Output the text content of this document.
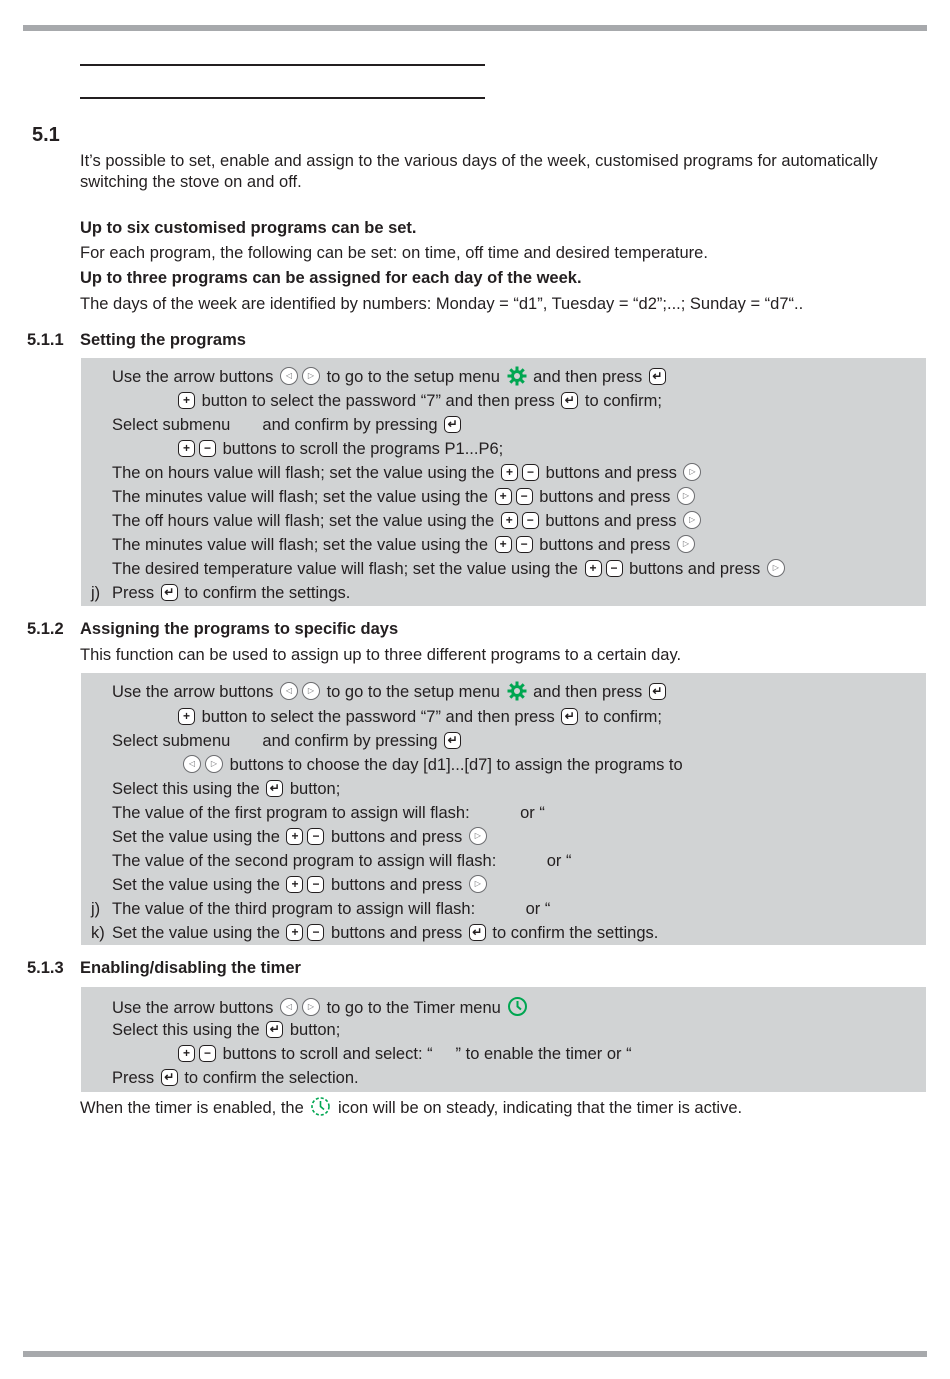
5.1
It’s possible to set, enable and assign to the various days of the week, customised programs for automatically
switching the stove on and off.
Up to six customised programs can be set.
For each program, the following can be set: on time, off time and desired temperature.
Up to three programs can be assigned for each day of the week.
The days of the week are identified by numbers: Monday = “d1”, Tuesday = “d2”;...; Sunday = “d7“..
5.1.1 Setting the programs
Use the arrow buttons ◁	▷ to go to the setup menu  and then press ↵
+ button to select the password “7” and then press ↵ to confirm;
Select submenu       and confirm by pressing ↵
+	− buttons to scroll the programs P1...P6;
The on hours value will flash; set the value using the +	− buttons and press ▷
The minutes value will flash; set the value using the +	− buttons and press ▷
The off hours value will flash; set the value using the +	− buttons and press ▷
The minutes value will flash; set the value using the +	− buttons and press ▷
The desired temperature value will flash; set the value using the +	− buttons and press ▷
j) Press ↵ to confirm the settings.
5.1.2 Assigning the programs to specific days
This function can be used to assign up to three different programs to a certain day.
Use the arrow buttons ◁	▷ to go to the setup menu  and then press ↵
+ button to select the password “7” and then press ↵ to confirm;
Select submenu       and confirm by pressing ↵
◁	▷ buttons to choose the day [d1]...[d7] to assign the programs to
Select this using the ↵ button;
The value of the first program to assign will flash:           or “
Set the value using the +	− buttons and press ▷
The value of the second program to assign will flash:           or “
Set the value using the +	− buttons and press ▷
j) The value of the third program to assign will flash:           or “
k) Set the value using the +	− buttons and press ↵ to confirm the settings.
5.1.3 Enabling/disabling the timer
Use the arrow buttons ◁	▷ to go to the Timer menu
Select this using the ↵ button;
+	− buttons to scroll and select: “     ” to enable the timer or “
Press ↵ to confirm the selection.
When the timer is enabled, the  icon will be on steady, indicating that the timer is active.
